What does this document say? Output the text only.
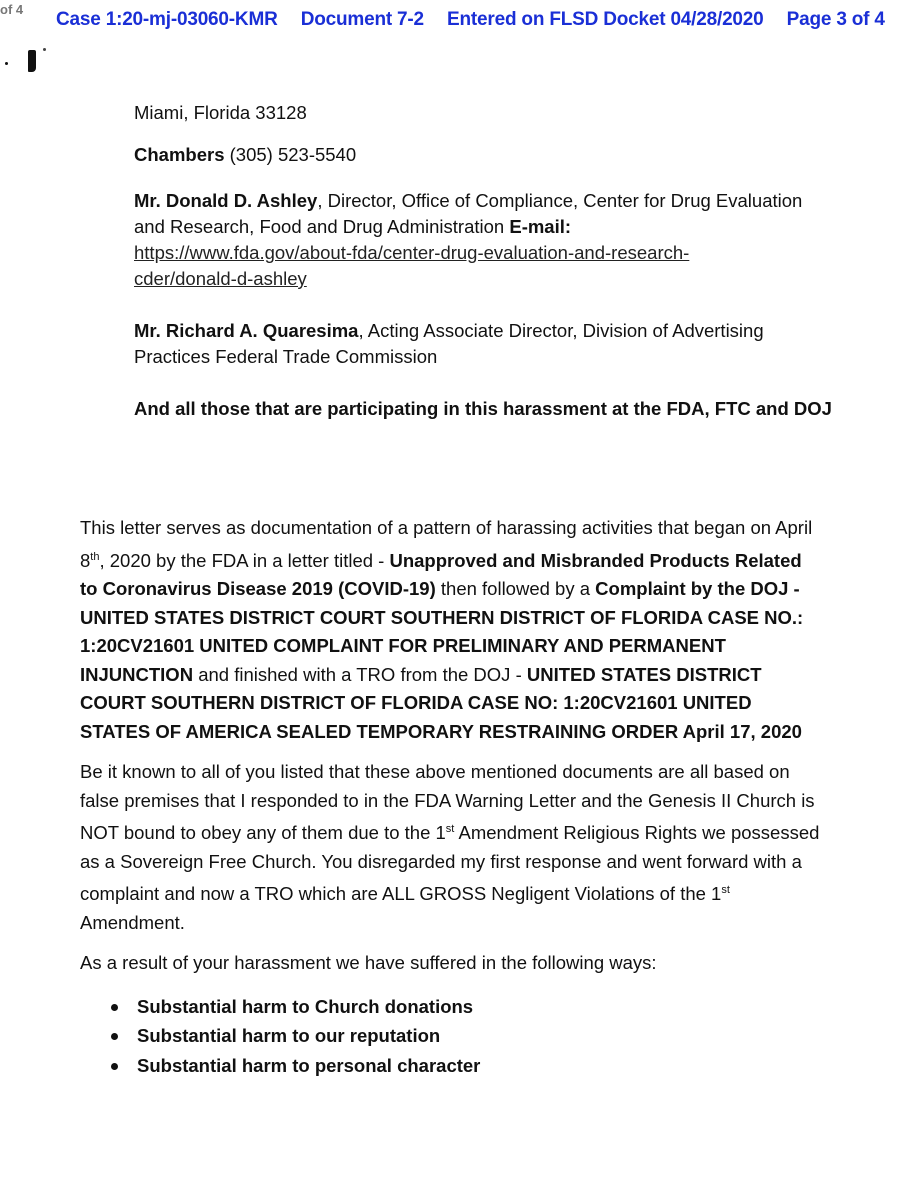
of 4 Case 1:20-mj-03060-KMR Document 7-2 Entered on FLSD Docket 04/28/2020 Page 3 of 4

Miami, Florida 33128

Chambers (305) 523-5540

Mr. Donald D. Ashley, Director, Office of Compliance, Center for Drug Evaluation and Research, Food and Drug Administration E-mail:
https://www.fda.gov/about-fda/center-drug-evaluation-and-research-
cder/donald-d-ashley

Mr. Richard A. Quaresima, Acting Associate Director, Division of Advertising Practices Federal Trade Commission

And all those that are participating in this harassment at the FDA, FTC and DOJ

This letter serves as documentation of a pattern of harassing activities that began on April 8th, 2020 by the FDA in a letter titled - Unapproved and Misbranded Products Related to Coronavirus Disease 2019 (COVID-19) then followed by a Complaint by the DOJ - UNITED STATES DISTRICT COURT SOUTHERN DISTRICT OF FLORIDA CASE NO.: 1:20CV21601 UNITED COMPLAINT FOR PRELIMINARY AND PERMANENT INJUNCTION and finished with a TRO from the DOJ - UNITED STATES DISTRICT COURT SOUTHERN DISTRICT OF FLORIDA CASE NO: 1:20CV21601 UNITED STATES OF AMERICA SEALED TEMPORARY RESTRAINING ORDER April 17, 2020

Be it known to all of you listed that these above mentioned documents are all based on false premises that I responded to in the FDA Warning Letter and the Genesis II Church is NOT bound to obey any of them due to the 1st Amendment Religious Rights we possessed as a Sovereign Free Church. You disregarded my first response and went forward with a complaint and now a TRO which are ALL GROSS Negligent Violations of the 1st Amendment.

As a result of your harassment we have suffered in the following ways:

Substantial harm to Church donations
Substantial harm to our reputation
Substantial harm to personal character
